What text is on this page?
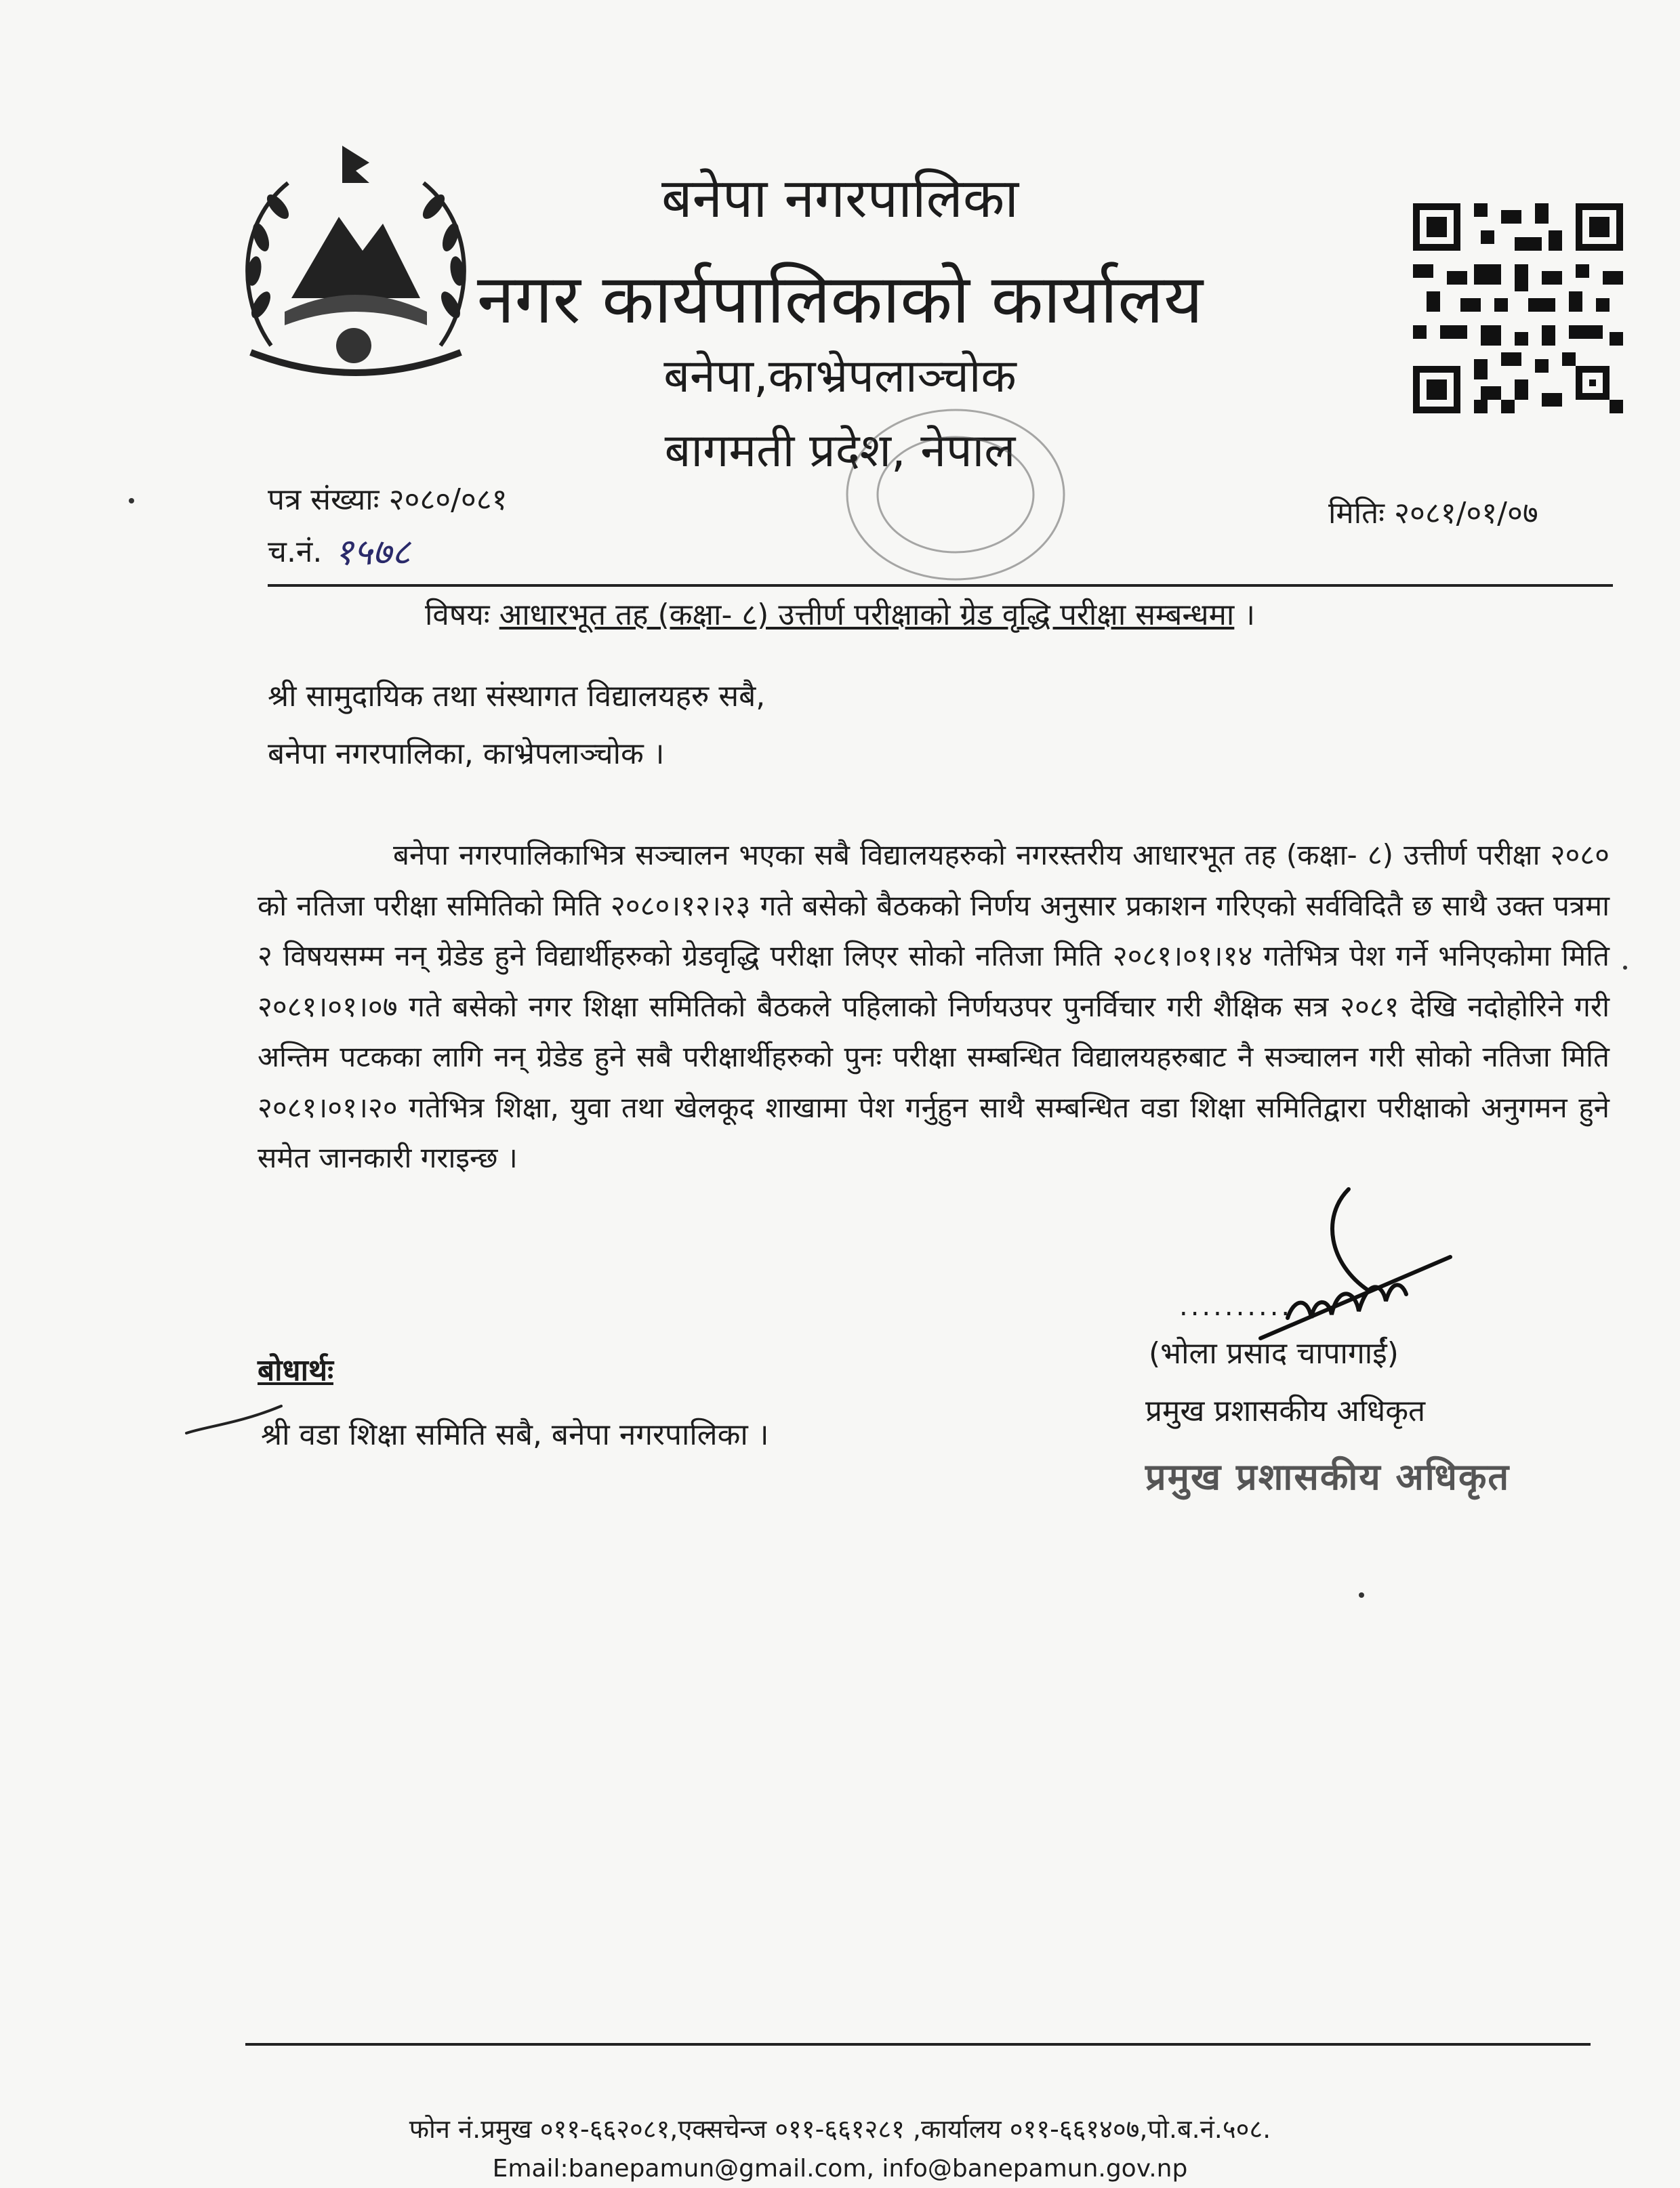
बनेपा नगरपालिका
नगर कार्यपालिकाको कार्यालय
बनेपा,काभ्रेपलाञ्चोक
बागमती प्रदेश, नेपाल
पत्र संख्याः २०८०/०८१
च.नं. १५७८
मितिः २०८१/०१/०७
विषयः आधारभूत तह (कक्षा- ८) उत्तीर्ण परीक्षाको ग्रेड वृद्धि परीक्षा सम्बन्धमा ।
श्री सामुदायिक तथा संस्थागत विद्यालयहरु सबै,
बनेपा नगरपालिका, काभ्रेपलाञ्चोक ।

बनेपा नगरपालिकाभित्र सञ्चालन भएका सबै विद्यालयहरुको नगरस्तरीय आधारभूत तह (कक्षा- ८) उत्तीर्ण परीक्षा २०८० को नतिजा परीक्षा समितिको मिति २०८०।१२।२३ गते बसेको बैठकको निर्णय अनुसार प्रकाशन गरिएको सर्वविदितै छ साथै उक्त पत्रमा २ विषयसम्म नन् ग्रेडेड हुने विद्यार्थीहरुको ग्रेडवृद्धि परीक्षा लिएर सोको नतिजा मिति २०८१।०१।१४ गतेभित्र पेश गर्ने भनिएकोमा मिति २०८१।०१।०७ गते बसेको नगर शिक्षा समितिको बैठकले पहिलाको निर्णयउपर पुनर्विचार गरी शैक्षिक सत्र २०८१ देखि नदोहोरिने गरी अन्तिम पटकका लागि नन् ग्रेडेड हुने सबै परीक्षार्थीहरुको पुनः परीक्षा सम्बन्धित विद्यालयहरुबाट नै सञ्चालन गरी सोको नतिजा मिति २०८१।०१।२० गतेभित्र शिक्षा, युवा तथा खेलकूद शाखामा पेश गर्नुहुन साथै सम्बन्धित वडा शिक्षा समितिद्वारा परीक्षाको अनुगमन हुने समेत जानकारी गराइन्छ ।

..........
(भोला प्रसाद चापागाईं)
प्रमुख प्रशासकीय अधिकृत
प्रमुख प्रशासकीय अधिकृत
बोधार्थः
श्री वडा शिक्षा समिति सबै, बनेपा नगरपालिका ।
फोन नं.प्रमुख ०११-६६२०८१,एक्सचेन्ज ०११-६६१२८१ ,कार्यालय ०११-६६१४०७,पो.ब.नं.५०८.
Email:banepamun@gmail.com, info@banepamun.gov.np
